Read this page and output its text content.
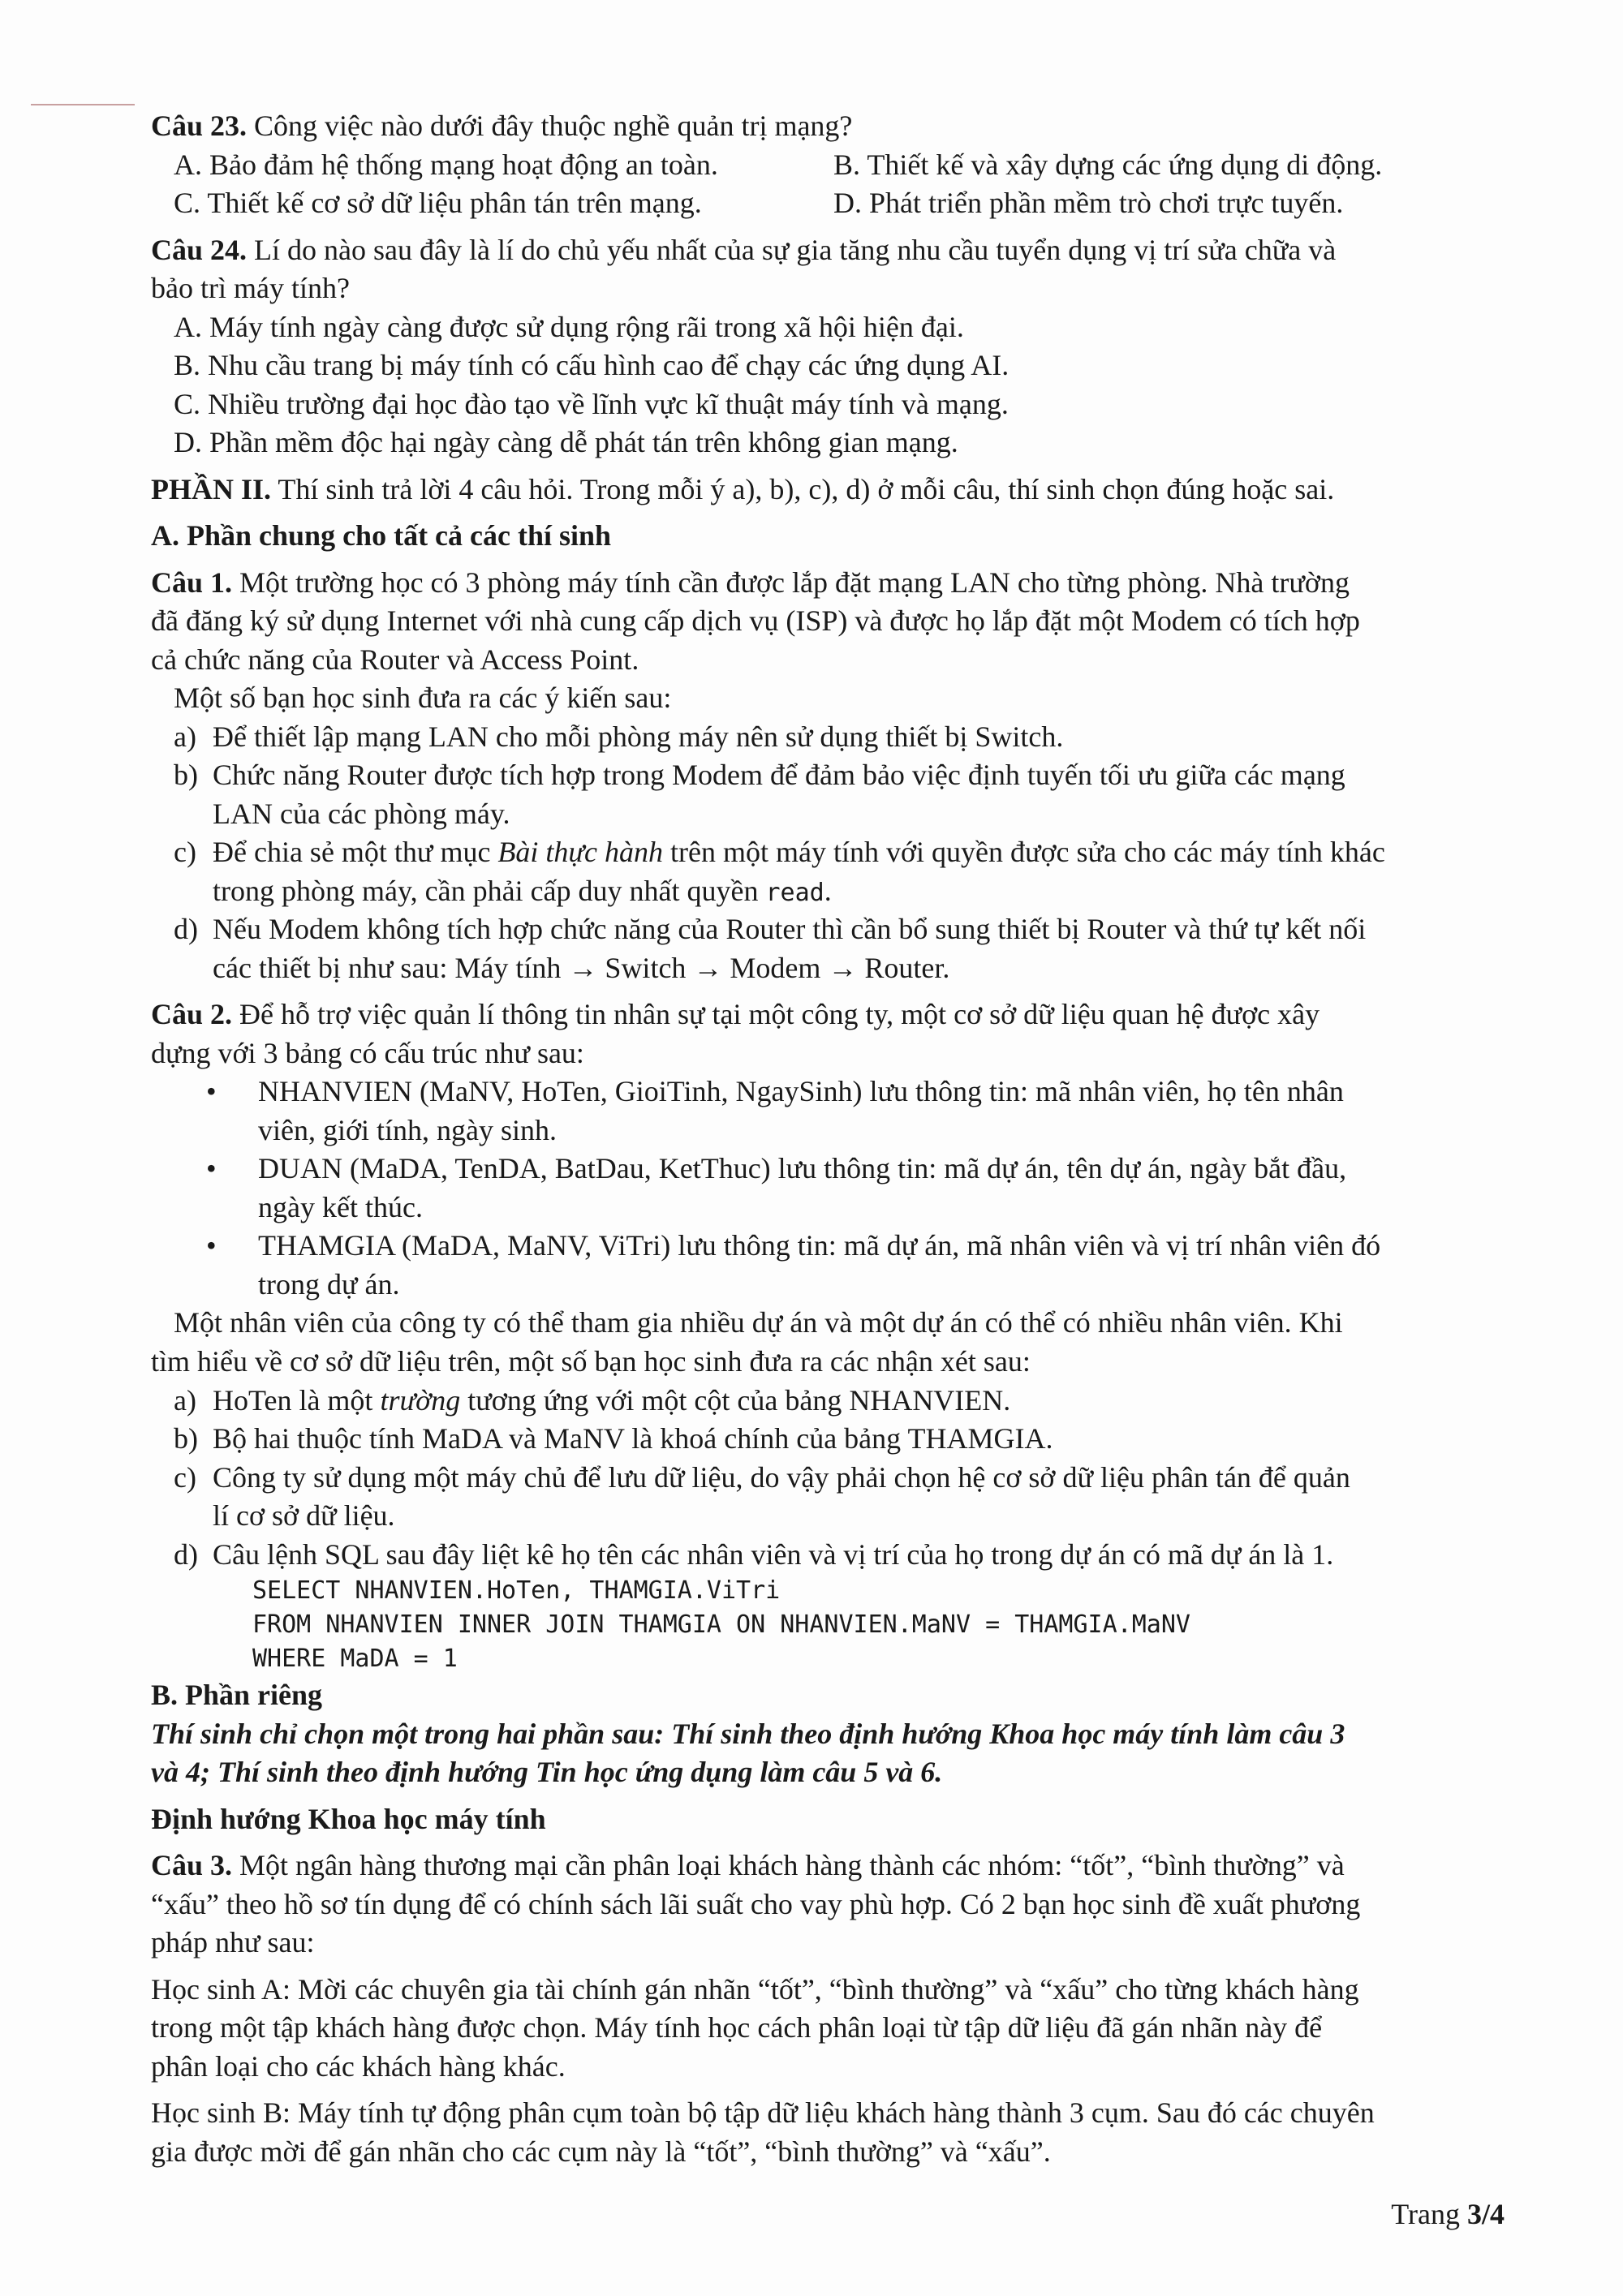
Câu 23. Công việc nào dưới đây thuộc nghề quản trị mạng?
A. Bảo đảm hệ thống mạng hoạt động an toàn.	B. Thiết kế và xây dựng các ứng dụng di động.
C. Thiết kế cơ sở dữ liệu phân tán trên mạng.	D. Phát triển phần mềm trò chơi trực tuyến.
Câu 24. Lí do nào sau đây là lí do chủ yếu nhất của sự gia tăng nhu cầu tuyển dụng vị trí sửa chữa và
bảo trì máy tính?
A. Máy tính ngày càng được sử dụng rộng rãi trong xã hội hiện đại.
B. Nhu cầu trang bị máy tính có cấu hình cao để chạy các ứng dụng AI.
C. Nhiều trường đại học đào tạo về lĩnh vực kĩ thuật máy tính và mạng.
D. Phần mềm độc hại ngày càng dễ phát tán trên không gian mạng.
PHẦN II. Thí sinh trả lời 4 câu hỏi. Trong mỗi ý a), b), c), d) ở mỗi câu, thí sinh chọn đúng hoặc sai.
A. Phần chung cho tất cả các thí sinh
Câu 1. Một trường học có 3 phòng máy tính cần được lắp đặt mạng LAN cho từng phòng. Nhà trường
đã đăng ký sử dụng Internet với nhà cung cấp dịch vụ (ISP) và được họ lắp đặt một Modem có tích hợp
cả chức năng của Router và Access Point.
Một số bạn học sinh đưa ra các ý kiến sau:
a) Để thiết lập mạng LAN cho mỗi phòng máy nên sử dụng thiết bị Switch.
b) Chức năng Router được tích hợp trong Modem để đảm bảo việc định tuyến tối ưu giữa các mạng
LAN của các phòng máy.
c) Để chia sẻ một thư mục Bài thực hành trên một máy tính với quyền được sửa cho các máy tính khác
trong phòng máy, cần phải cấp duy nhất quyền read.
d) Nếu Modem không tích hợp chức năng của Router thì cần bổ sung thiết bị Router và thứ tự kết nối
các thiết bị như sau: Máy tính → Switch → Modem → Router.
Câu 2. Để hỗ trợ việc quản lí thông tin nhân sự tại một công ty, một cơ sở dữ liệu quan hệ được xây
dựng với 3 bảng có cấu trúc như sau:
•	NHANVIEN (MaNV, HoTen, GioiTinh, NgaySinh) lưu thông tin: mã nhân viên, họ tên nhân
viên, giới tính, ngày sinh.
•	DUAN (MaDA, TenDA, BatDau, KetThuc) lưu thông tin: mã dự án, tên dự án, ngày bắt đầu,
ngày kết thúc.
•	THAMGIA (MaDA, MaNV, ViTri) lưu thông tin: mã dự án, mã nhân viên và vị trí nhân viên đó
trong dự án.
Một nhân viên của công ty có thể tham gia nhiều dự án và một dự án có thể có nhiều nhân viên. Khi
tìm hiểu về cơ sở dữ liệu trên, một số bạn học sinh đưa ra các nhận xét sau:
a) HoTen là một trường tương ứng với một cột của bảng NHANVIEN.
b) Bộ hai thuộc tính MaDA và MaNV là khoá chính của bảng THAMGIA.
c) Công ty sử dụng một máy chủ để lưu dữ liệu, do vậy phải chọn hệ cơ sở dữ liệu phân tán để quản
lí cơ sở dữ liệu.
d) Câu lệnh SQL sau đây liệt kê họ tên các nhân viên và vị trí của họ trong dự án có mã dự án là 1.
SELECT NHANVIEN.HoTen, THAMGIA.ViTri
FROM NHANVIEN INNER JOIN THAMGIA ON NHANVIEN.MaNV = THAMGIA.MaNV
WHERE MaDA = 1
B. Phần riêng
Thí sinh chỉ chọn một trong hai phần sau: Thí sinh theo định hướng Khoa học máy tính làm câu 3
và 4; Thí sinh theo định hướng Tin học ứng dụng làm câu 5 và 6.
Định hướng Khoa học máy tính
Câu 3. Một ngân hàng thương mại cần phân loại khách hàng thành các nhóm: “tốt”, “bình thường” và
“xấu” theo hồ sơ tín dụng để có chính sách lãi suất cho vay phù hợp. Có 2 bạn học sinh đề xuất phương
pháp như sau:
Học sinh A: Mời các chuyên gia tài chính gán nhãn “tốt”, “bình thường” và “xấu” cho từng khách hàng
trong một tập khách hàng được chọn. Máy tính học cách phân loại từ tập dữ liệu đã gán nhãn này để
phân loại cho các khách hàng khác.
Học sinh B: Máy tính tự động phân cụm toàn bộ tập dữ liệu khách hàng thành 3 cụm. Sau đó các chuyên
gia được mời để gán nhãn cho các cụm này là “tốt”, “bình thường” và “xấu”.
Trang 3/4
